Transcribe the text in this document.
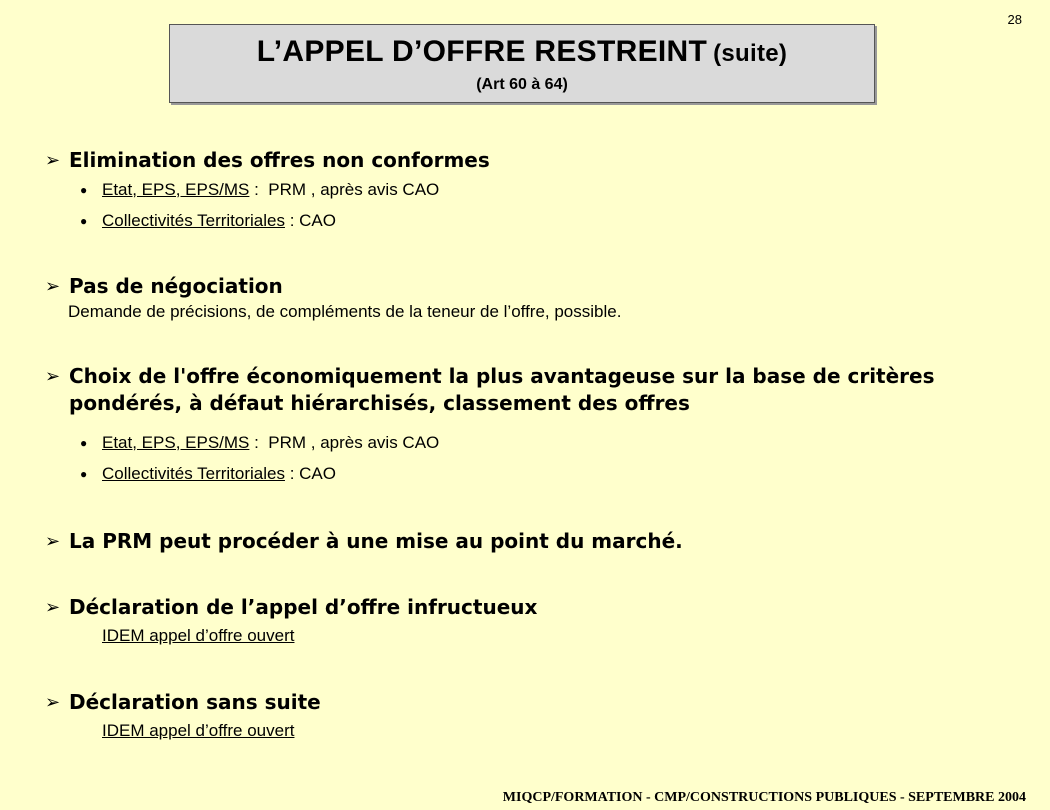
28
L’APPEL D’OFFRE RESTREINT (suite)
(Art 60 à 64)
➢ Elimination des offres non conformes
● Etat, EPS, EPS/MS :  PRM , après avis CAO
● Collectivités Territoriales : CAO
➢ Pas de négociation
Demande de précisions, de compléments de la teneur de l’offre, possible.
➢ Choix de l'offre économiquement la plus avantageuse sur la base de critères pondérés, à défaut hiérarchisés, classement des offres
● Etat, EPS, EPS/MS :  PRM , après avis CAO
● Collectivités Territoriales : CAO
➢ La PRM peut procéder à une mise au point du marché.
➢ Déclaration de l’appel d’offre infructueux
IDEM appel d’offre ouvert
➢ Déclaration sans suite
IDEM appel d’offre ouvert
MIQCP/FORMATION - CMP/CONSTRUCTIONS PUBLIQUES - SEPTEMBRE 2004
